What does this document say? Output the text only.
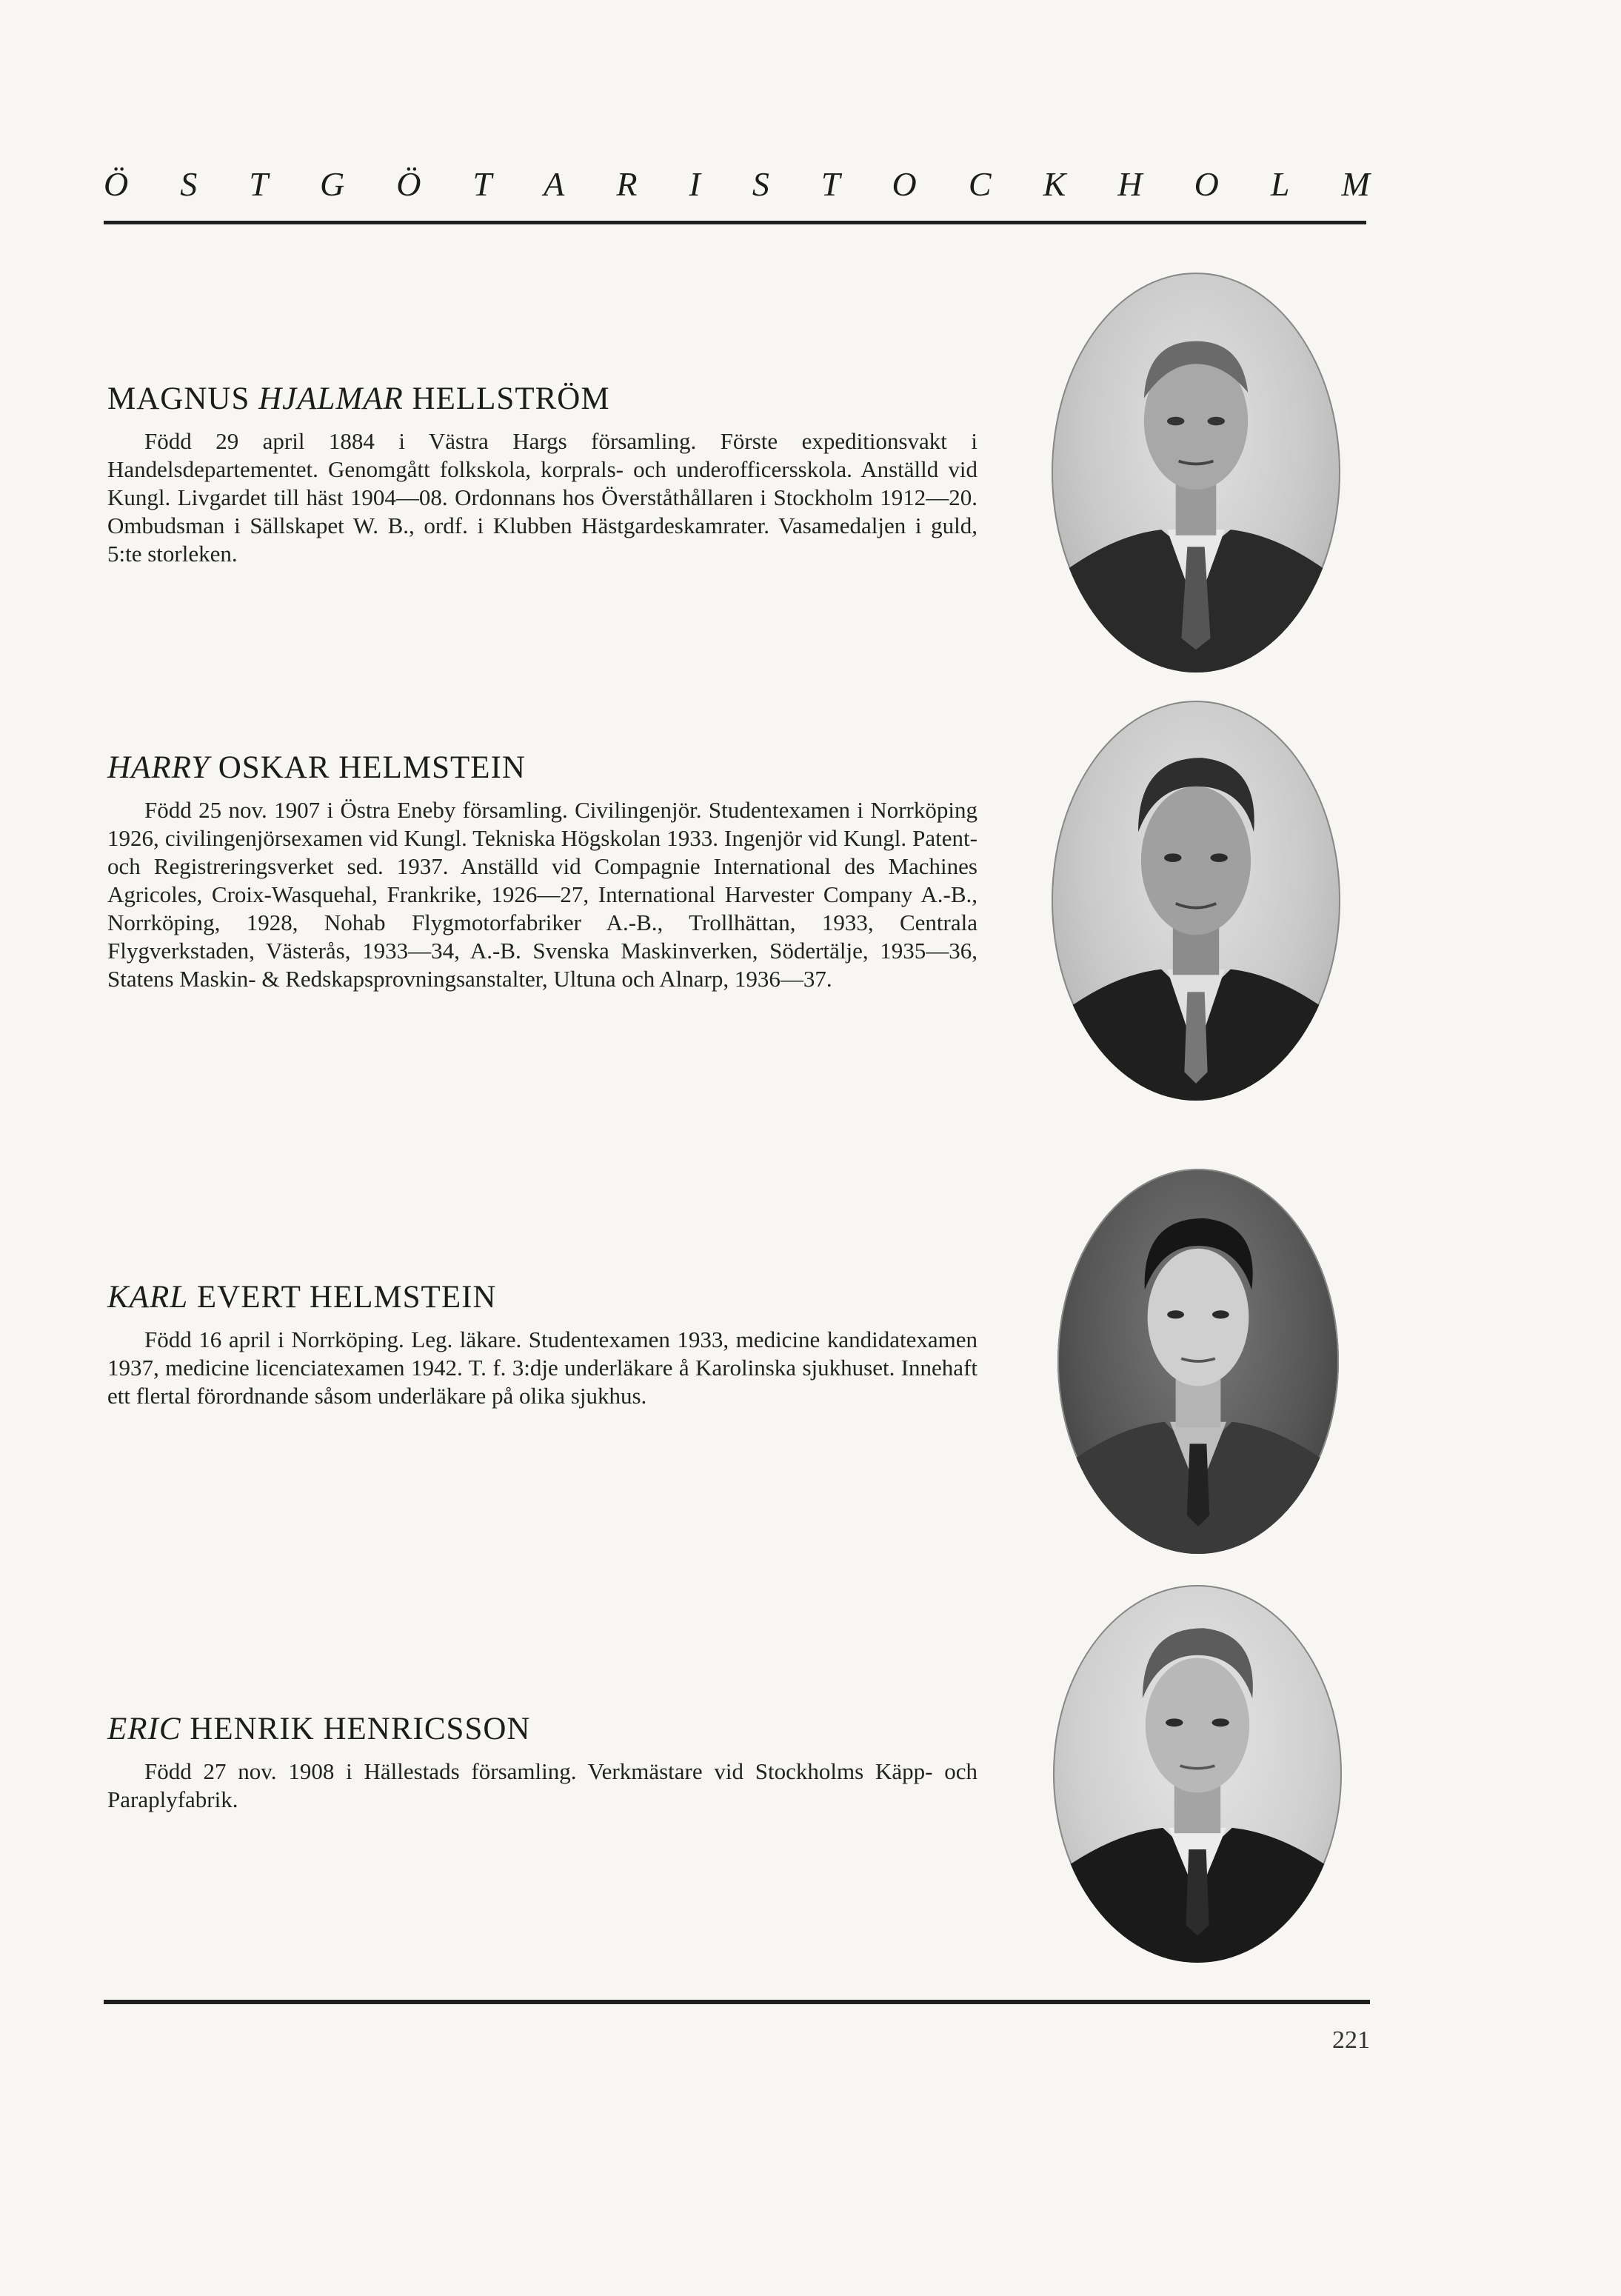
Ö S T G Ö T A R I S T O C K H O L M

MAGNUS HJALMAR HELLSTRÖM

Född 29 april 1884 i Västra Hargs församling. Förste expeditionsvakt i Handelsdepartementet. Genomgått folkskola, korprals- och underofficersskola. Anställd vid Kungl. Livgardet till häst 1904—08. Ordonnans hos Överståthållaren i Stockholm 1912—20. Ombudsman i Sällskapet W. B., ordf. i Klubben Hästgardeskamrater. Vasamedaljen i guld, 5:te storleken.

HARRY OSKAR HELMSTEIN

Född 25 nov. 1907 i Östra Eneby församling. Civilingenjör. Studentexamen i Norrköping 1926, civilingenjörsexamen vid Kungl. Tekniska Högskolan 1933. Ingenjör vid Kungl. Patent- och Registreringsverket sed. 1937. Anställd vid Compagnie International des Machines Agricoles, Croix-Wasquehal, Frankrike, 1926—27, International Harvester Company A.-B., Norrköping, 1928, Nohab Flygmotorfabriker A.-B., Trollhättan, 1933, Centrala Flygverkstaden, Västerås, 1933—34, A.-B. Svenska Maskinverken, Södertälje, 1935—36, Statens Maskin- & Redskapsprovningsanstalter, Ultuna och Alnarp, 1936—37.

KARL EVERT HELMSTEIN

Född 16 april i Norrköping. Leg. läkare. Studentexamen 1933, medicine kandidatexamen 1937, medicine licenciatexamen 1942. T. f. 3:dje underläkare å Karolinska sjukhuset. Innehaft ett flertal förordnande såsom underläkare på olika sjukhus.

ERIC HENRIK HENRICSSON

Född 27 nov. 1908 i Hällestads församling. Verkmästare vid Stockholms Käpp- och Paraplyfabrik.

221
